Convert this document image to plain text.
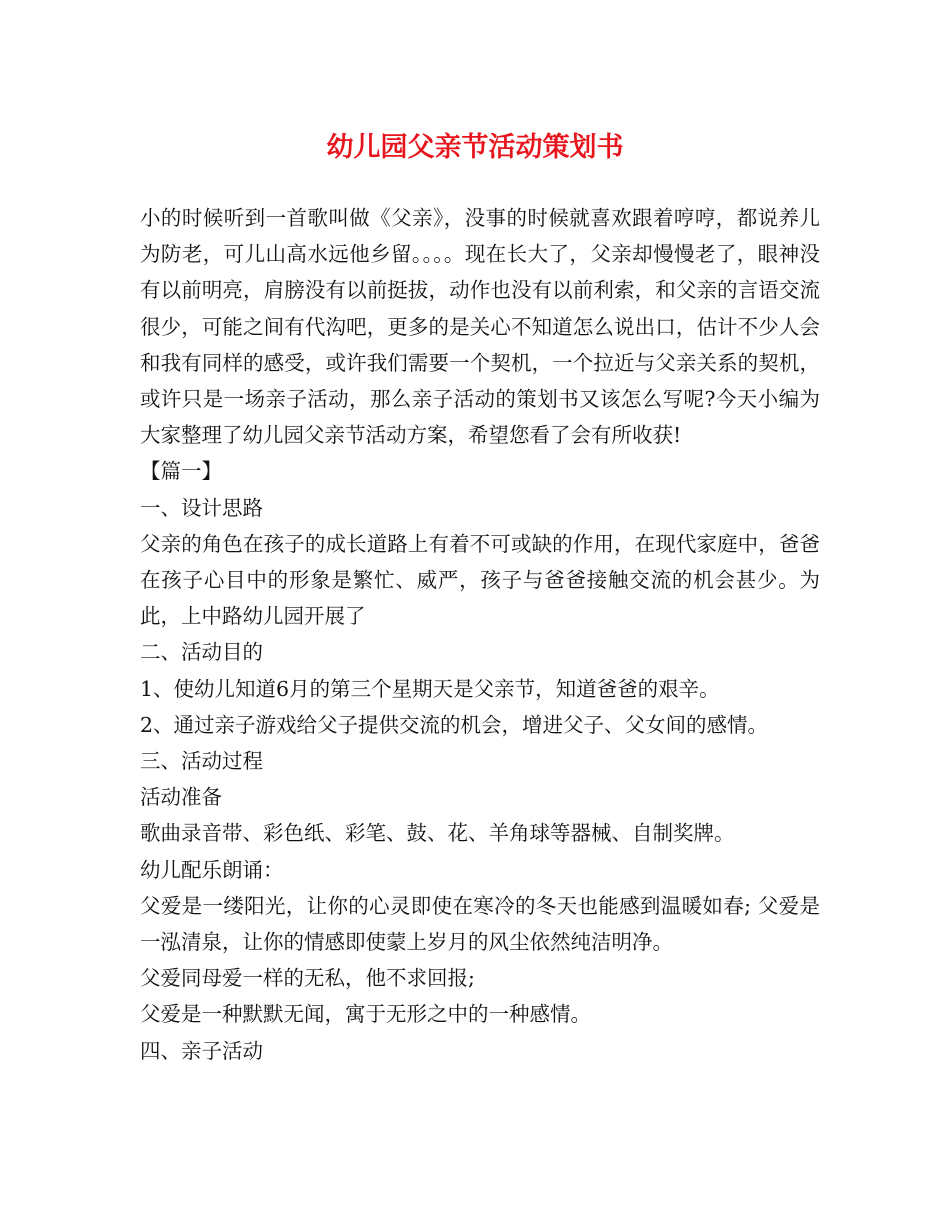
幼儿园父亲节活动策划书

小的时候听到一首歌叫做《父亲》，没事的时候就喜欢跟着哼哼，都说养儿为防老，可儿山高水远他乡留。。。。现在长大了，父亲却慢慢老了，眼神没有以前明亮，肩膀没有以前挺拔，动作也没有以前利索，和父亲的言语交流很少，可能之间有代沟吧，更多的是关心不知道怎么说出口，估计不少人会和我有同样的感受，或许我们需要一个契机，一个拉近与父亲关系的契机，或许只是一场亲子活动，那么亲子活动的策划书又该怎么写呢?今天小编为大家整理了幼儿园父亲节活动方案，希望您看了会有所收获!

【篇一】

一、设计思路

父亲的角色在孩子的成长道路上有着不可或缺的作用，在现代家庭中，爸爸在孩子心目中的形象是繁忙、威严，孩子与爸爸接触交流的机会甚少。为此，上中路幼儿园开展了

二、活动目的

1、使幼儿知道6月的第三个星期天是父亲节，知道爸爸的艰辛。

2、通过亲子游戏给父子提供交流的机会，增进父子、父女间的感情。

三、活动过程

活动准备

歌曲录音带、彩色纸、彩笔、鼓、花、羊角球等器械、自制奖牌。

幼儿配乐朗诵：

父爱是一缕阳光，让你的心灵即使在寒冷的冬天也能感到温暖如春; 父爱是一泓清泉，让你的情感即使蒙上岁月的风尘依然纯洁明净。

父爱同母爱一样的无私，他不求回报;

父爱是一种默默无闻，寓于无形之中的一种感情。

四、亲子活动
